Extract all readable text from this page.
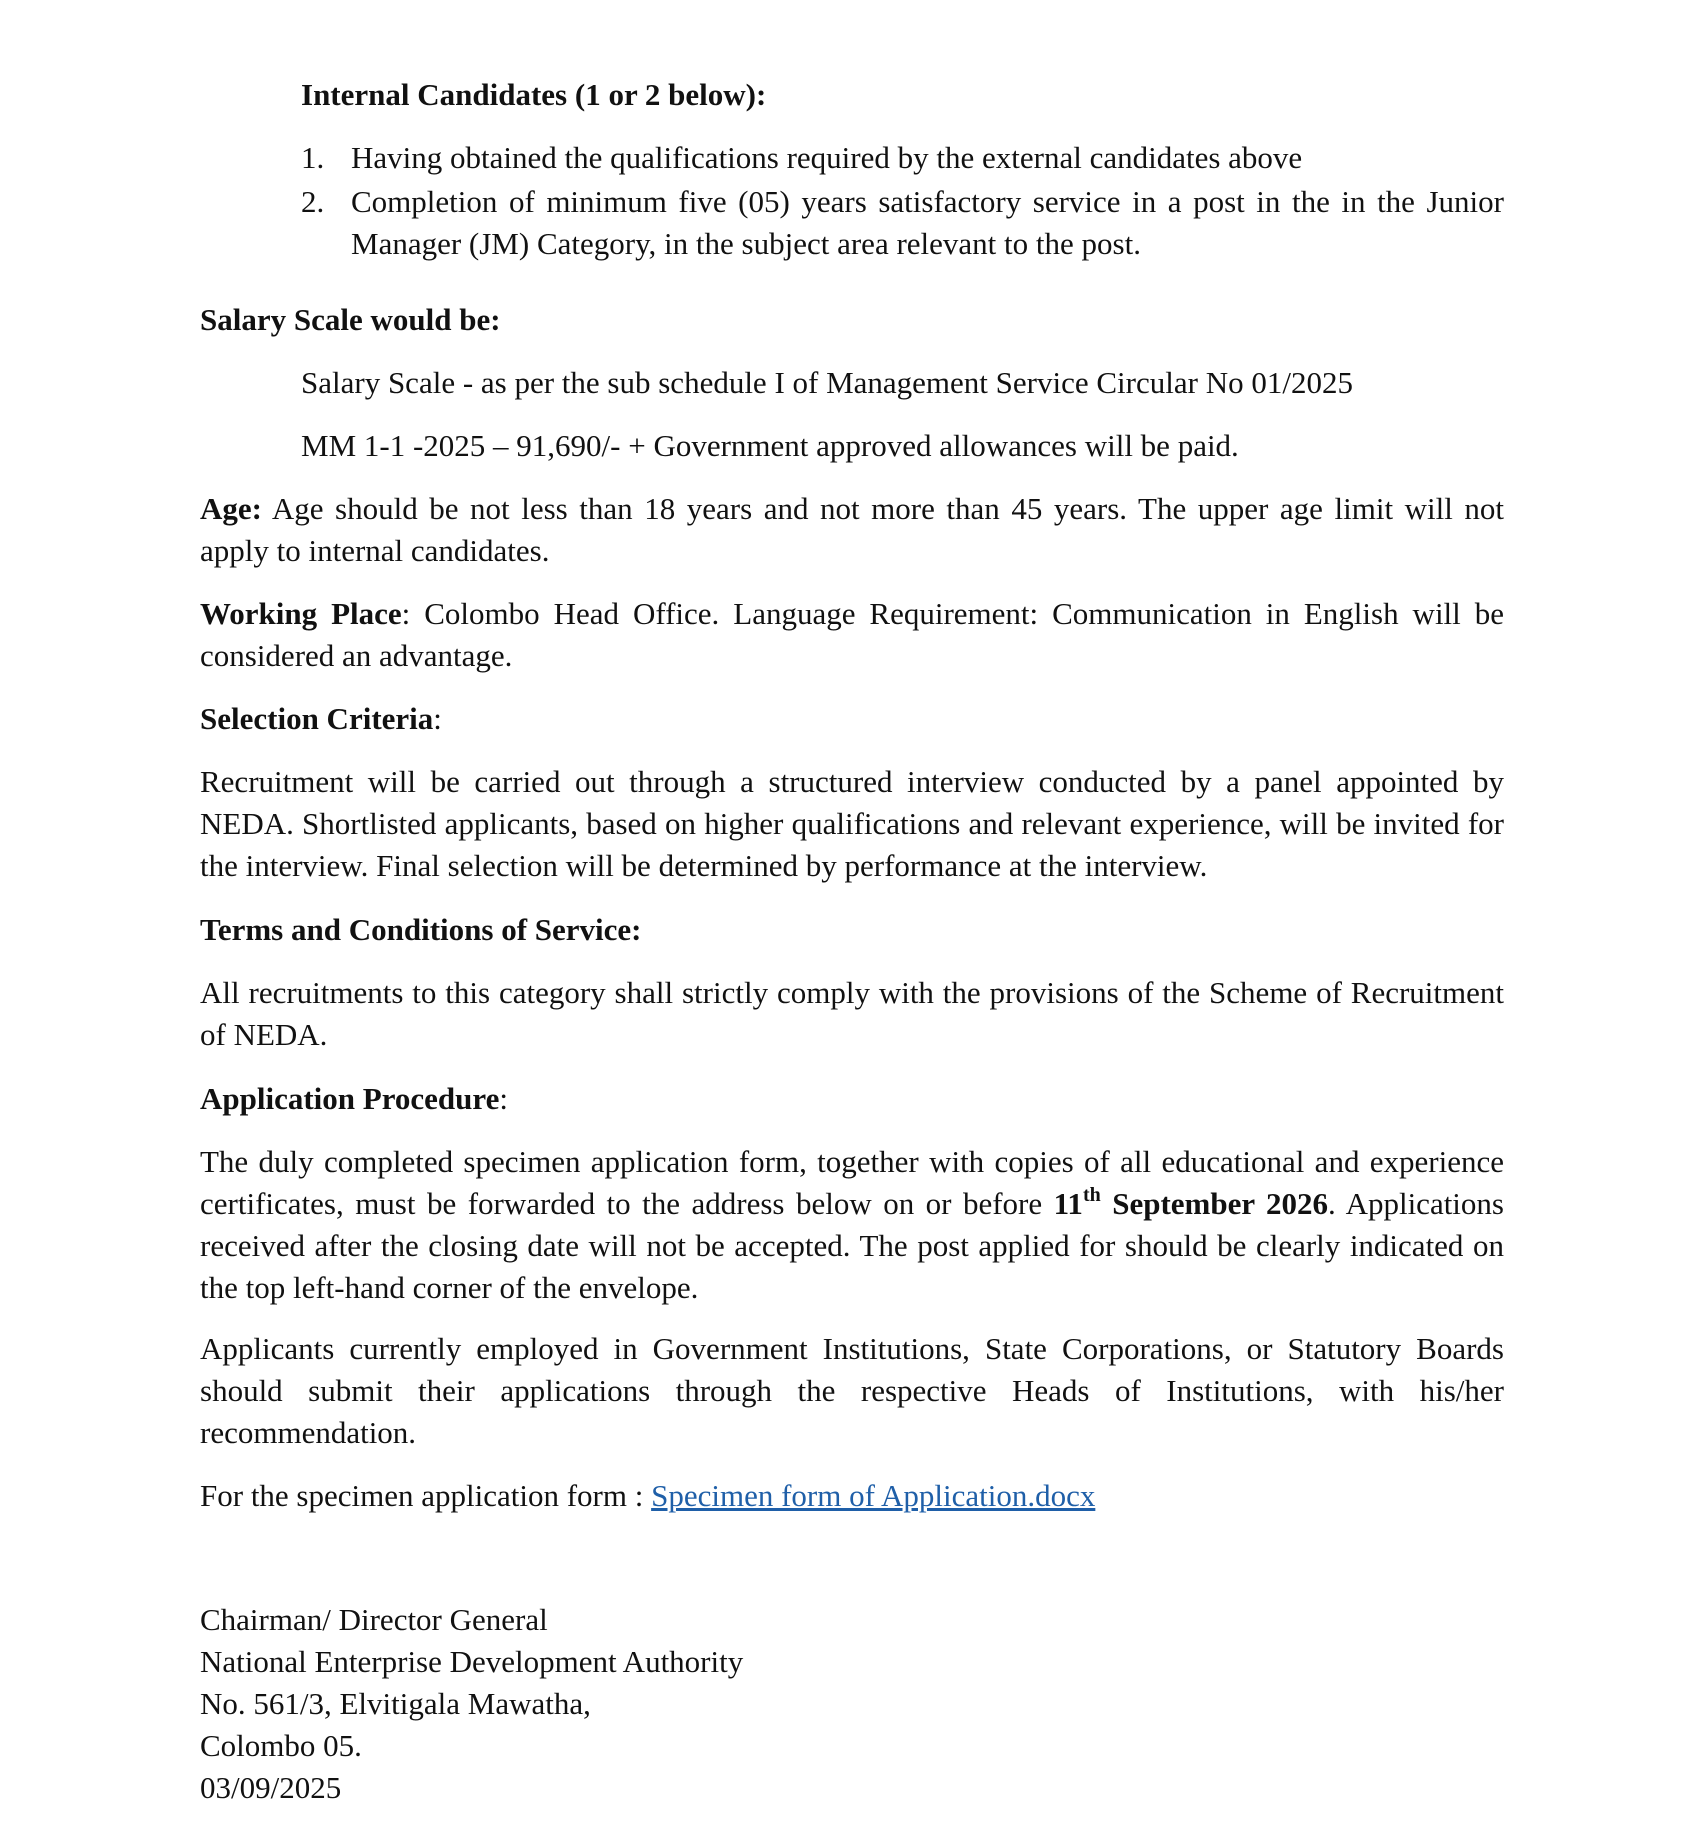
Internal Candidates (1 or 2 below):
1. Having obtained the qualifications required by the external candidates above
2. Completion of minimum five (05) years satisfactory service in a post in the in the Junior Manager (JM) Category, in the subject area relevant to the post.
Salary Scale would be:
Salary Scale - as per the sub schedule I of Management Service Circular No 01/2025
MM 1-1 -2025 – 91,690/- + Government approved allowances will be paid.
Age: Age should be not less than 18 years and not more than 45 years. The upper age limit will not apply to internal candidates.
Working Place: Colombo Head Office. Language Requirement: Communication in English will be considered an advantage.
Selection Criteria:
Recruitment will be carried out through a structured interview conducted by a panel appointed by NEDA. Shortlisted applicants, based on higher qualifications and relevant experience, will be invited for the interview. Final selection will be determined by performance at the interview.
Terms and Conditions of Service:
All recruitments to this category shall strictly comply with the provisions of the Scheme of Recruitment of NEDA.
Application Procedure:
The duly completed specimen application form, together with copies of all educational and experience certificates, must be forwarded to the address below on or before 11th September 2026. Applications received after the closing date will not be accepted. The post applied for should be clearly indicated on the top left-hand corner of the envelope.
Applicants currently employed in Government Institutions, State Corporations, or Statutory Boards should submit their applications through the respective Heads of Institutions, with his/her recommendation.
For the specimen application form : Specimen form of Application.docx
Chairman/ Director General
National Enterprise Development Authority
No. 561/3, Elvitigala Mawatha,
Colombo 05.
03/09/2025
